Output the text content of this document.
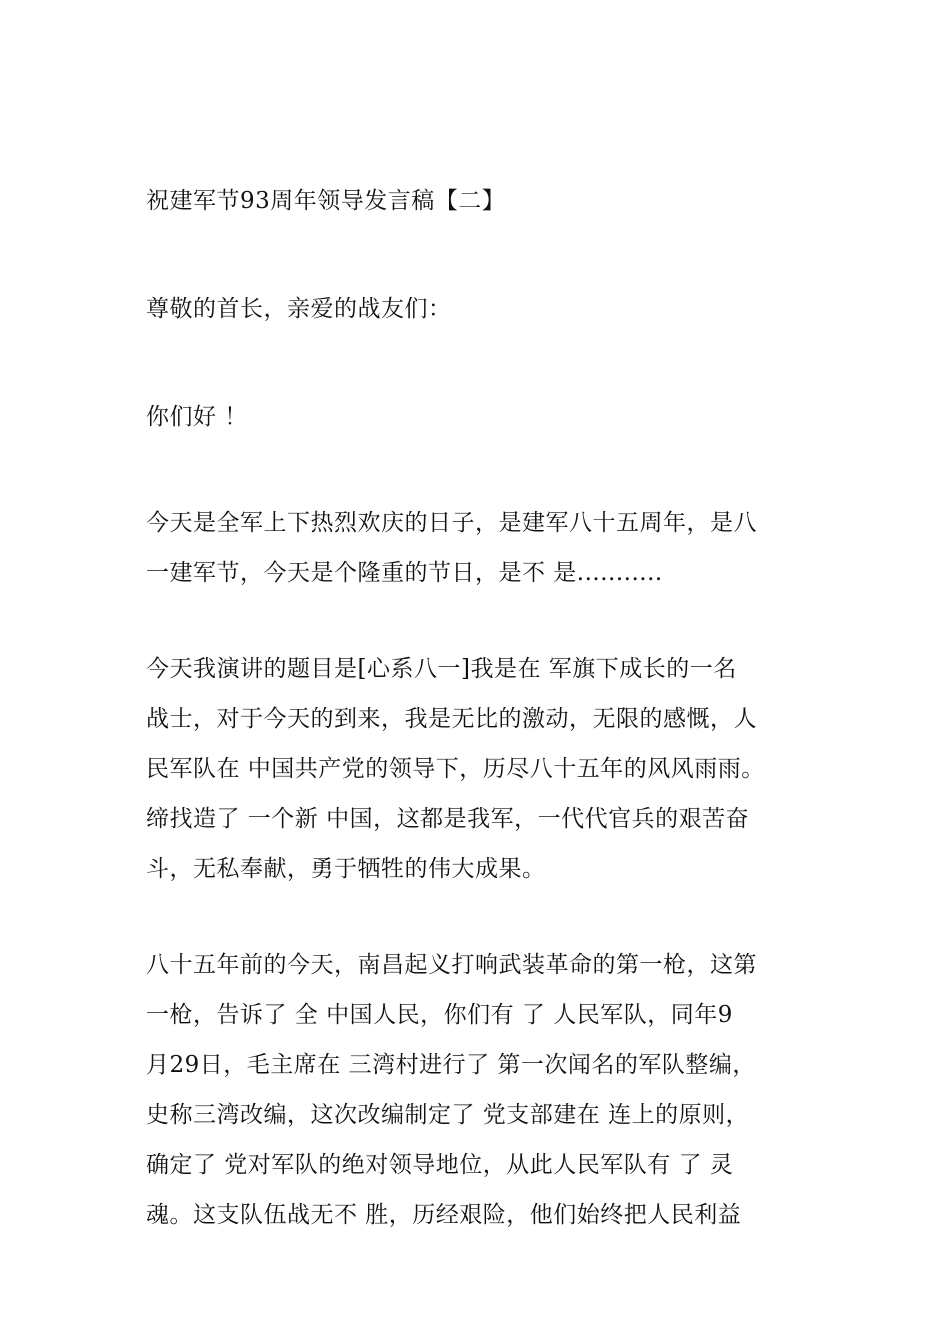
祝建军节93周年领导发言稿【二】
尊敬的首长，亲爱的战友们：
你们好 ！
今天是全军上下热烈欢庆的日子，是建军八十五周年，是八
一建军节，今天是个隆重的节日，是不 是...........
今天我演讲的题目是[心系八一]我是在 军旗下成长的一名
战士，对于今天的到来，我是无比的激动，无限的感慨，人
民军队在 中国共产党的领导下，历尽八十五年的风风雨雨。
缔找造了 一个新 中国，这都是我军，一代代官兵的艰苦奋
斗，无私奉献，勇于牺牲的伟大成果。
八十五年前的今天，南昌起义打响武装革命的第一枪，这第
一枪，告诉了 全 中国人民，你们有 了 人民军队，同年9
月29日，毛主席在 三湾村进行了 第一次闻名的军队整编，
史称三湾改编，这次改编制定了 党支部建在 连上的原则，
确定了 党对军队的绝对领导地位，从此人民军队有 了 灵
魂。这支队伍战无不 胜，历经艰险，他们始终把人民利益
